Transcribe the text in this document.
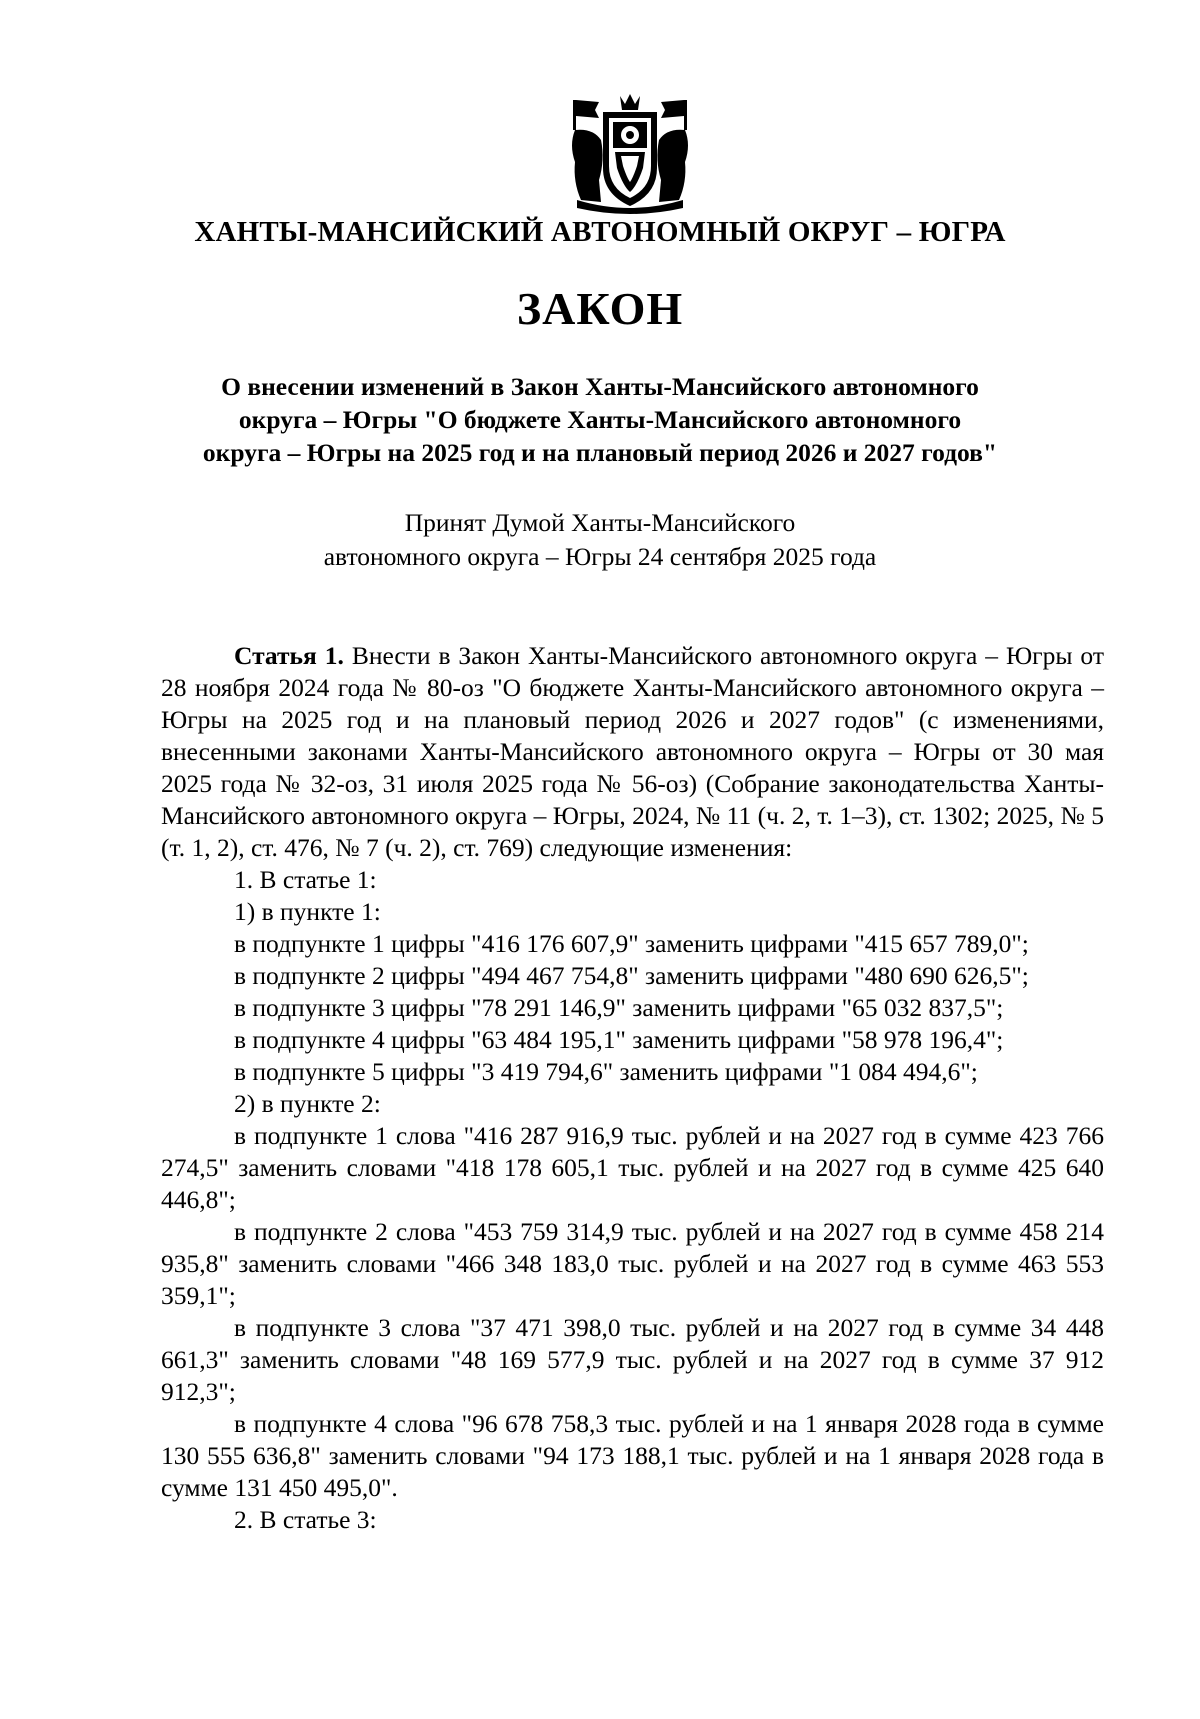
ХАНТЫ-МАНСИЙСКИЙ АВТОНОМНЫЙ ОКРУГ – ЮГРА
ЗАКОН
О внесении изменений в Закон Ханты-Мансийского автономного
округа – Югры "О бюджете Ханты-Мансийского автономного
округа – Югры на 2025 год и на плановый период 2026 и 2027 годов"
Принят Думой Ханты-Мансийского
автономного округа – Югры 24 сентября 2025 года

Статья 1. Внести в Закон Ханты-Мансийского автономного округа – Югры от 28 ноября 2024 года № 80-оз "О бюджете Ханты-Мансийского автономного округа – Югры на 2025 год и на плановый период 2026 и 2027 годов" (с изменениями, внесенными законами Ханты-Мансийского автономного округа – Югры от 30 мая 2025 года № 32-оз, 31 июля 2025 года № 56-оз) (Собрание законодательства Ханты-Мансийского автономного округа – Югры, 2024, № 11 (ч. 2, т. 1–3), ст. 1302; 2025, № 5 (т. 1, 2), ст. 476, № 7 (ч. 2), ст. 769) следующие изменения:

1. В статье 1:

1) в пункте 1:

в подпункте 1 цифры "416 176 607,9" заменить цифрами "415 657 789,0";

в подпункте 2 цифры "494 467 754,8" заменить цифрами "480 690 626,5";

в подпункте 3 цифры "78 291 146,9" заменить цифрами "65 032 837,5";

в подпункте 4 цифры "63 484 195,1" заменить цифрами "58 978 196,4";

в подпункте 5 цифры "3 419 794,6" заменить цифрами "1 084 494,6";

2) в пункте 2:

в подпункте 1 слова "416 287 916,9 тыс. рублей и на 2027 год в сумме 423 766 274,5" заменить словами "418 178 605,1 тыс. рублей и на 2027 год в сумме 425 640 446,8";

в подпункте 2 слова "453 759 314,9 тыс. рублей и на 2027 год в сумме 458 214 935,8" заменить словами "466 348 183,0 тыс. рублей и на 2027 год в сумме 463 553 359,1";

в подпункте 3 слова "37 471 398,0 тыс. рублей и на 2027 год в сумме 34 448 661,3" заменить словами "48 169 577,9 тыс. рублей и на 2027 год в сумме 37 912 912,3";

в подпункте 4 слова "96 678 758,3 тыс. рублей и на 1 января 2028 года в сумме 130 555 636,8" заменить словами "94 173 188,1 тыс. рублей и на 1 января 2028 года в сумме 131 450 495,0".

2. В статье 3:
